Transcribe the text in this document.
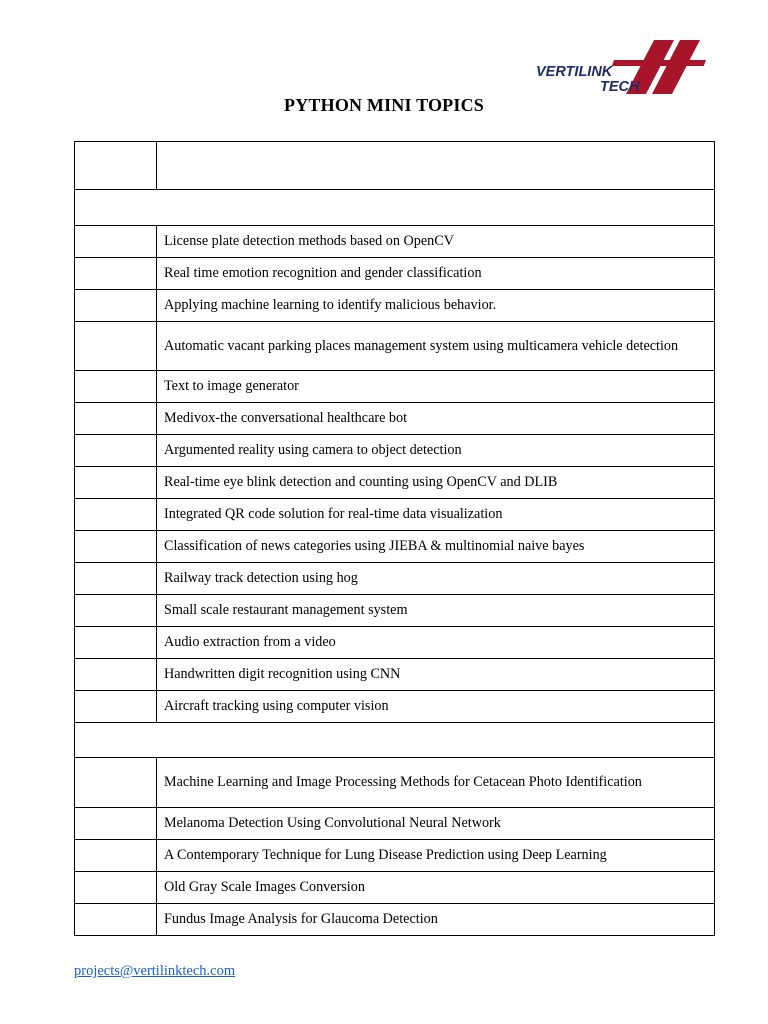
VERTILINK
TECH
PYTHON MINI TOPICS

	License plate detection methods based on OpenCV
	Real time emotion recognition and gender classification
	Applying machine learning to identify malicious behavior.
	Automatic vacant parking places management system using multicamera vehicle detection
	Text to image generator
	Medivox-the conversational healthcare bot
	Argumented reality using camera to object detection
	Real-time eye blink detection and counting using OpenCV and DLIB
	Integrated QR code solution for real-time data visualization
	Classification of news categories using JIEBA & multinomial naive bayes
	Railway track detection using hog
	Small scale restaurant management system
	Audio extraction from a video
	Handwritten digit recognition using CNN
	Aircraft tracking using computer vision

	Machine Learning and Image Processing Methods for Cetacean Photo Identification
	Melanoma Detection Using Convolutional Neural Network
	A Contemporary Technique for Lung Disease Prediction using Deep Learning
	Old Gray Scale Images Conversion
	Fundus Image Analysis for Glaucoma Detection
projects@vertilinktech.com
